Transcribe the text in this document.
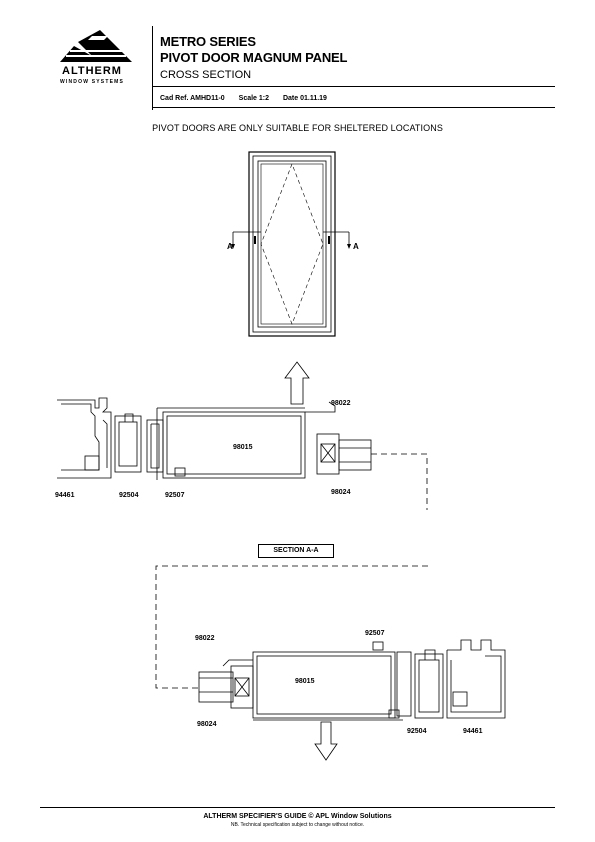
ALTHERM
WINDOW SYSTEMS
METRO SERIES
PIVOT DOOR MAGNUM PANEL
CROSS SECTION
Cad Ref. AMHD11-0 Scale 1:2 Date 01.11.19
PIVOT DOORS ARE ONLY SUITABLE FOR SHELTERED LOCATIONS
A	A
94461	92504	92507
98015
98022
98024
SECTION A-A
98022
98024
98015
92507
92504	94461
ALTHERM SPECIFIER'S GUIDE © APL Window Solutions
NB. Technical specification subject to change without notice.
